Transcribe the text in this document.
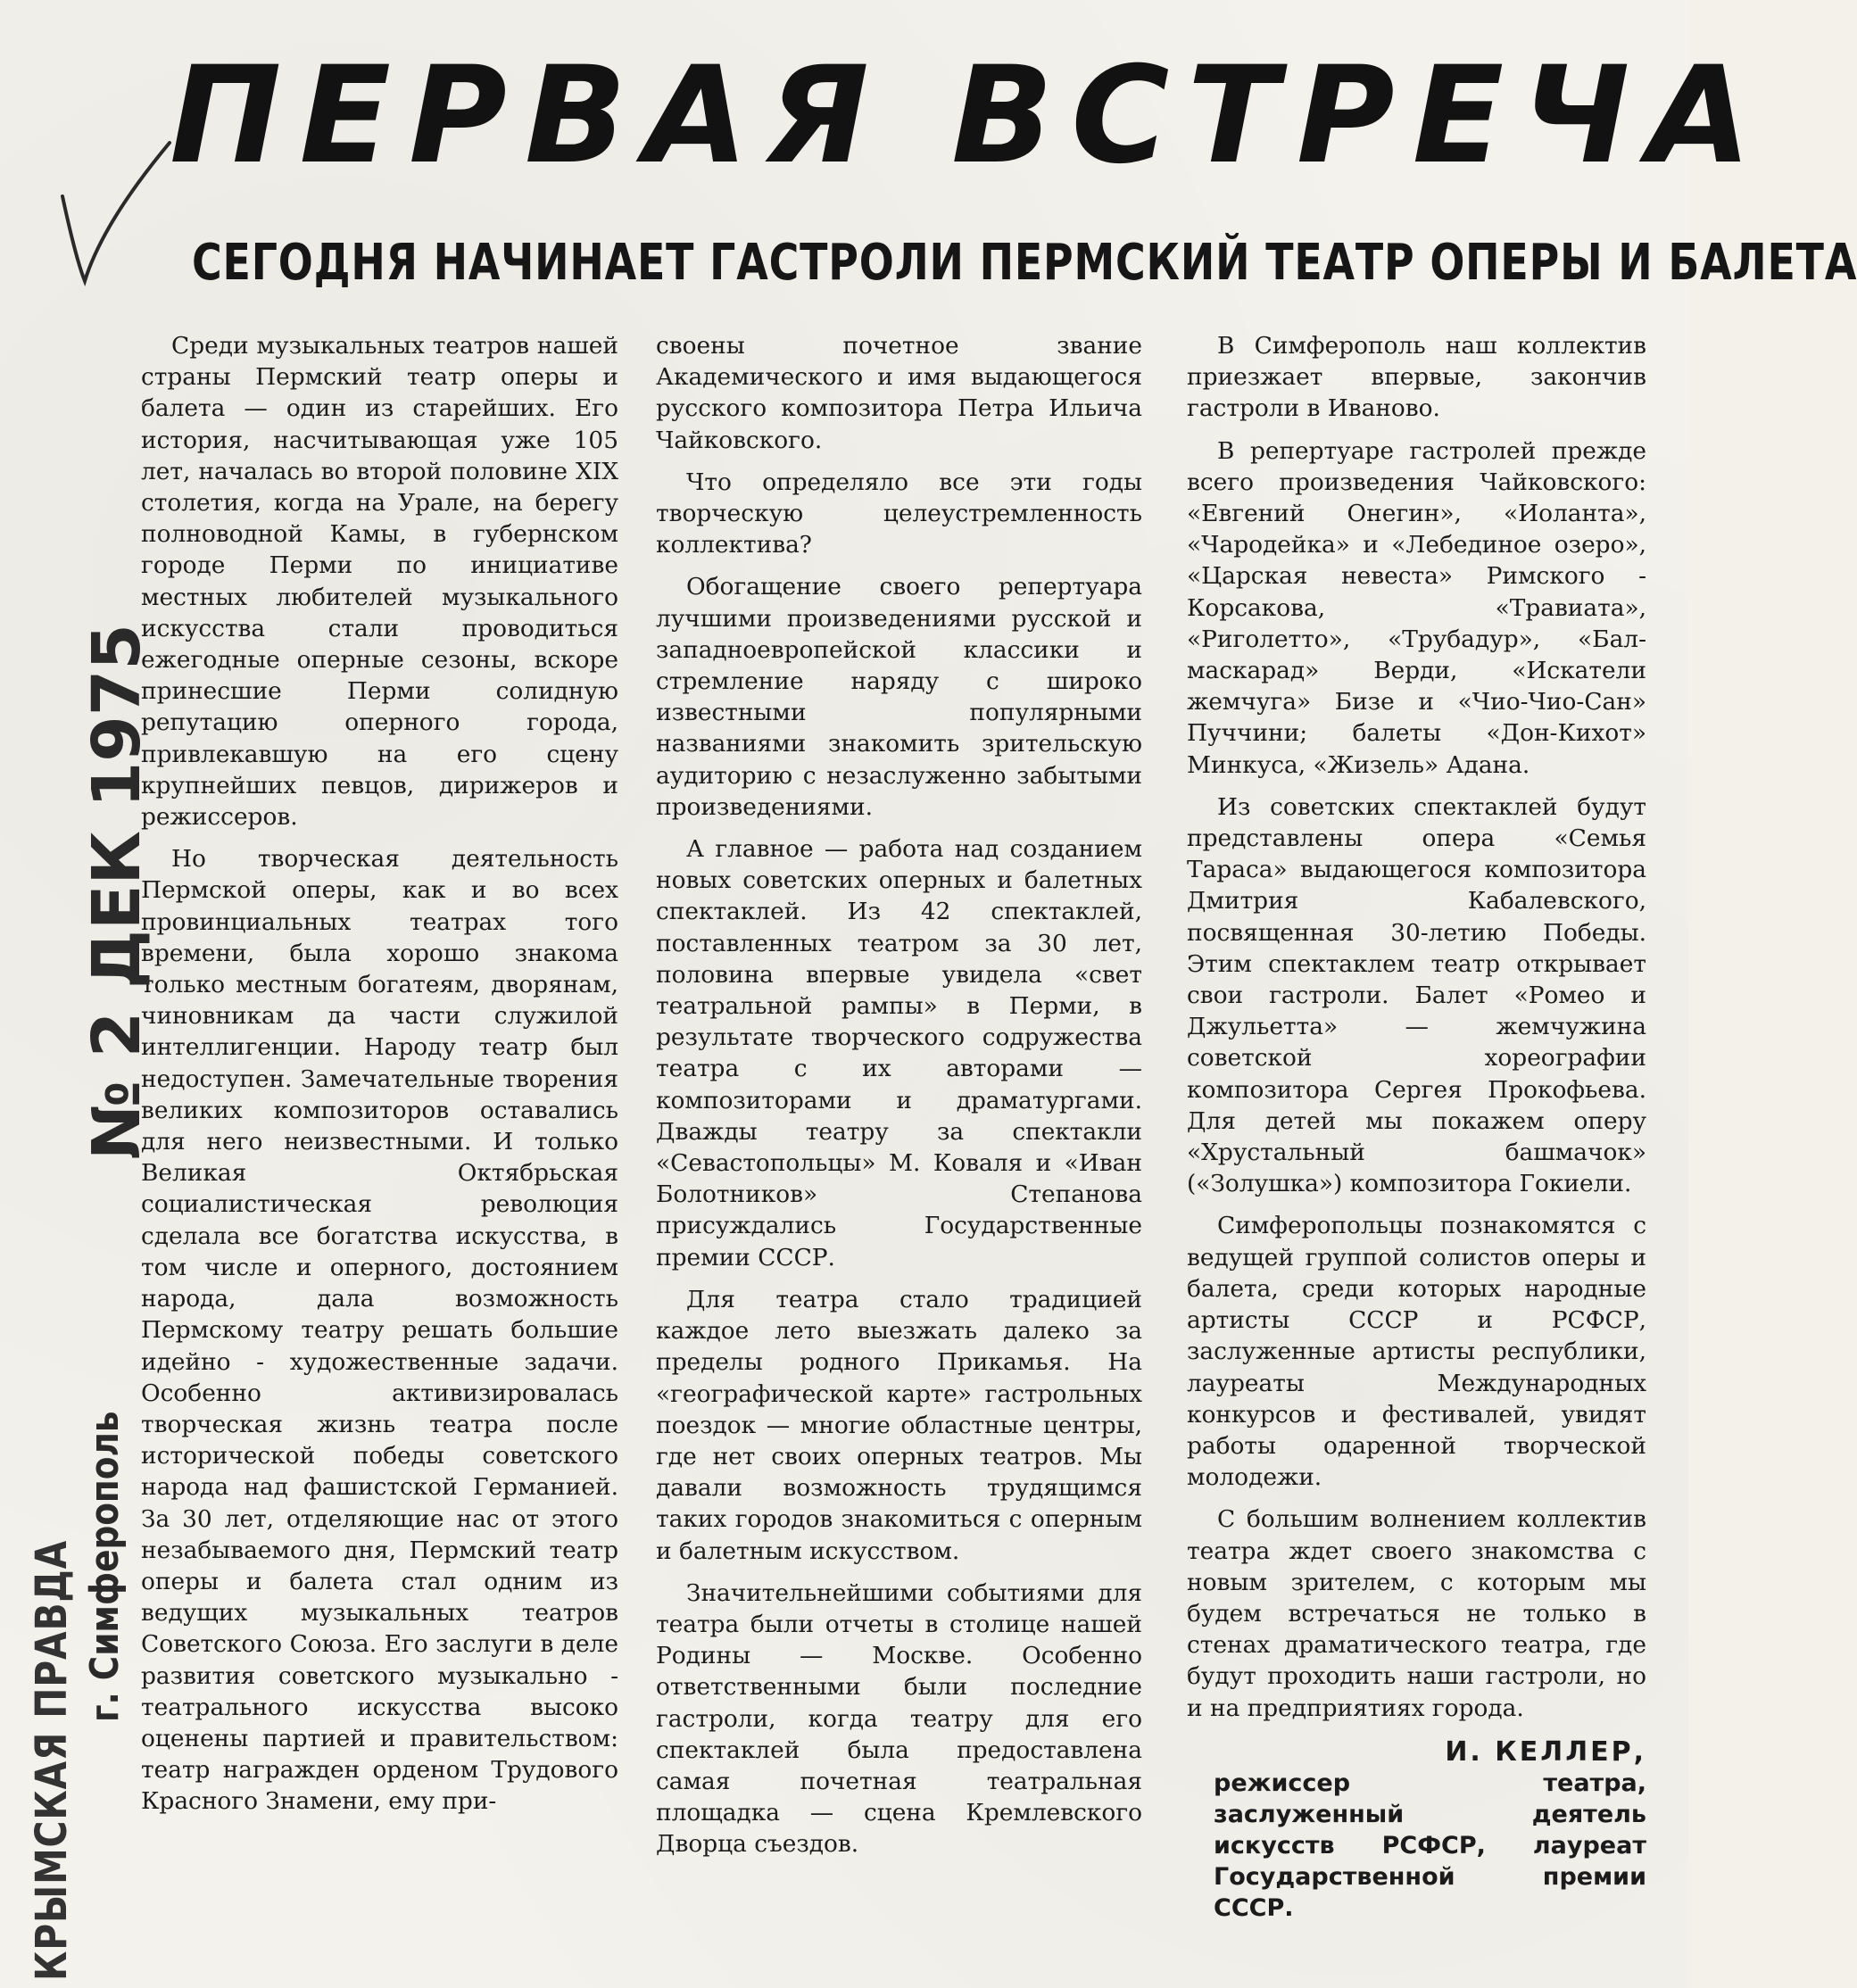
ПЕРВАЯ ВСТРЕЧА
СЕГОДНЯ НАЧИНАЕТ ГАСТРОЛИ ПЕРМСКИЙ ТЕАТР ОПЕРЫ И БАЛЕТА

Среди музыкальных театров нашей страны Пермский театр оперы и балета — один из старейших. Его история, насчитывающая уже 105 лет, началась во второй половине XIX столетия, когда на Урале, на берегу полноводной Камы, в губернском городе Перми по инициативе местных любителей музыкального искусства стали проводиться ежегодные оперные сезоны, вскоре принесшие Перми солидную репутацию оперного города, привлекавшую на его сцену крупнейших певцов, дирижеров и режиссеров.

Но творческая деятельность Пермской оперы, как и во всех провинциальных театрах того времени, была хорошо знакома только местным богатеям, дворянам, чиновникам да части служилой интеллигенции. Народу театр был недоступен. Замечательные творения великих композиторов оставались для него неизвестными. И только Великая Октябрьская социалистическая революция сделала все богатства искусства, в том числе и оперного, достоянием народа, дала возможность Пермскому театру решать большие идейно - художественные задачи. Особенно активизировалась творческая жизнь театра после исторической победы советского народа над фашистской Германией. За 30 лет, отделяющие нас от этого незабываемого дня, Пермский театр оперы и балета стал одним из ведущих музыкальных театров Советского Союза. Его заслуги в деле развития советского музыкально - театрального искусства высоко оценены партией и правительством: театр награжден орденом Трудового Красного Знамени, ему при-

своены почетное звание Академического и имя выдающегося русского композитора Петра Ильича Чайковского.

Что определяло все эти годы творческую целеустремленность коллектива?

Обогащение своего репертуара лучшими произведениями русской и западноевропейской классики и стремление наряду с широко известными популярными названиями знакомить зрительскую аудиторию с незаслуженно забытыми произведениями.

А главное — работа над созданием новых советских оперных и балетных спектаклей. Из 42 спектаклей, поставленных театром за 30 лет, половина впервые увидела «свет театральной рампы» в Перми, в результате творческого содружества театра с их авторами — композиторами и драматургами. Дважды театру за спектакли «Севастопольцы» М. Коваля и «Иван Болотников» Степанова присуждались Государственные премии СССР.

Для театра стало традицией каждое лето выезжать далеко за пределы родного Прикамья. На «географической карте» гастрольных поездок — многие областные центры, где нет своих оперных театров. Мы давали возможность трудящимся таких городов знакомиться с оперным и балетным искусством.

Значительнейшими событиями для театра были отчеты в столице нашей Родины — Москве. Особенно ответственными были последние гастроли, когда театру для его спектаклей была предоставлена самая почетная театральная площадка — сцена Кремлевского Дворца съездов.

В Симферополь наш коллектив приезжает впервые, закончив гастроли в Иваново.

В репертуаре гастролей прежде всего произведения Чайковского: «Евгений Онегин», «Иоланта», «Чародейка» и «Лебединое озеро», «Царская невеста» Римского - Корсакова, «Травиата», «Риголетто», «Трубадур», «Бал-маскарад» Верди, «Искатели жемчуга» Бизе и «Чио-Чио-Сан» Пуччини; балеты «Дон-Кихот» Минкуса, «Жизель» Адана.

Из советских спектаклей будут представлены опера «Семья Тараса» выдающегося композитора Дмитрия Кабалевского, посвященная 30-летию Победы. Этим спектаклем театр открывает свои гастроли. Балет «Ромео и Джульетта» — жемчужина советской хореографии композитора Сергея Прокофьева. Для детей мы покажем оперу «Хрустальный башмачок» («Золушка») композитора Гокиели.

Симферопольцы познакомятся с ведущей группой солистов оперы и балета, среди которых народные артисты СССР и РСФСР, заслуженные артисты республики, лауреаты Международных конкурсов и фестивалей, увидят работы одаренной творческой молодежи.

С большим волнением коллектив театра ждет своего знакомства с новым зрителем, с которым мы будем встречаться не только в стенах драматического театра, где будут проходить наши гастроли, но и на предприятиях города.

И. КЕЛЛЕР,
режиссер театра, заслуженный деятель искусств РСФСР, лауреат Государственной премии СССР.
КРЫМСКАЯ ПРАВДА г. Симферополь
№ 2 ДЕК 1975
